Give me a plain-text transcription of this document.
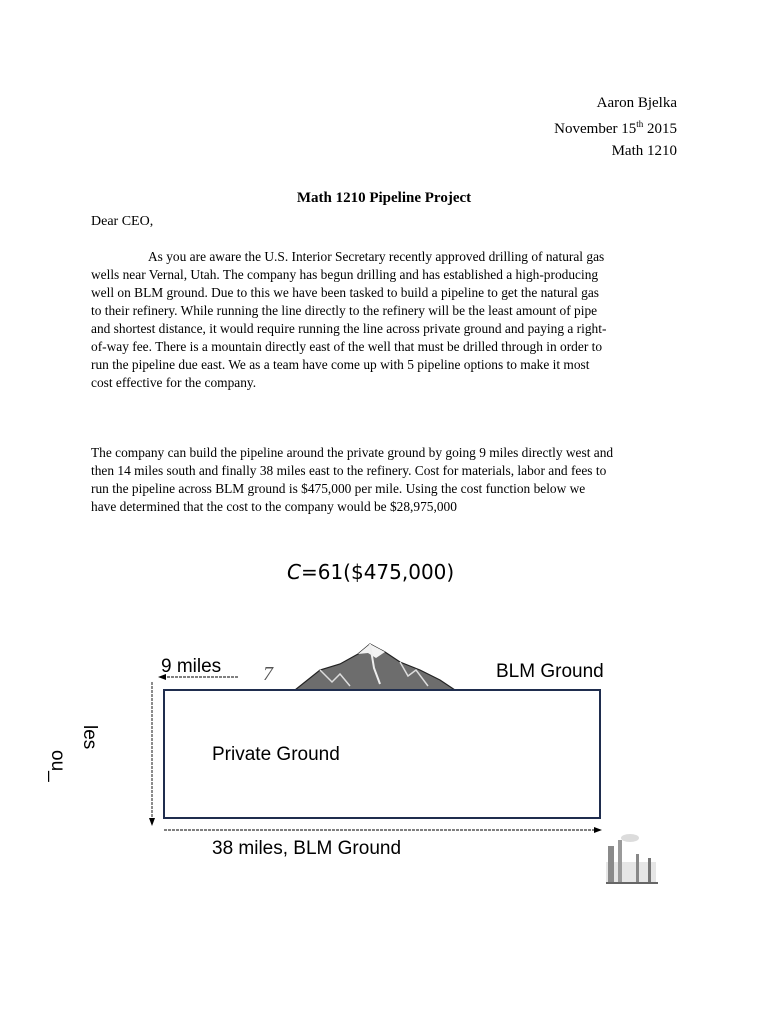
Aaron Bjelka
November 15th 2015
Math 1210
Math 1210 Pipeline Project
Dear CEO,
As you are aware the U.S. Interior Secretary recently approved drilling of natural gas
wells near Vernal, Utah. The company has begun drilling and has established a high-producing
well on BLM ground. Due to this we have been tasked to build a pipeline to get the natural gas
to their refinery. While running the line directly to the refinery will be the least amount of pipe
and shortest distance, it would require running the line across private ground and paying a right-
of-way fee. There is a mountain directly east of the well that must be drilled through in order to
run the pipeline due east. We as a team have come up with 5 pipeline options to make it most
cost effective for the company.
The company can build the pipeline around the private ground by going 9 miles directly west and
then 14 miles south and finally 38 miles east to the refinery. Cost for materials, labor and fees to
run the pipeline across BLM ground is $475,000 per mile. Using the cost function below we
have determined that the cost to the company would be $28,975,000
C=61($475,000)
9 miles 7	BLM Ground
Private Ground
38 miles, BLM Ground
les
ou_
